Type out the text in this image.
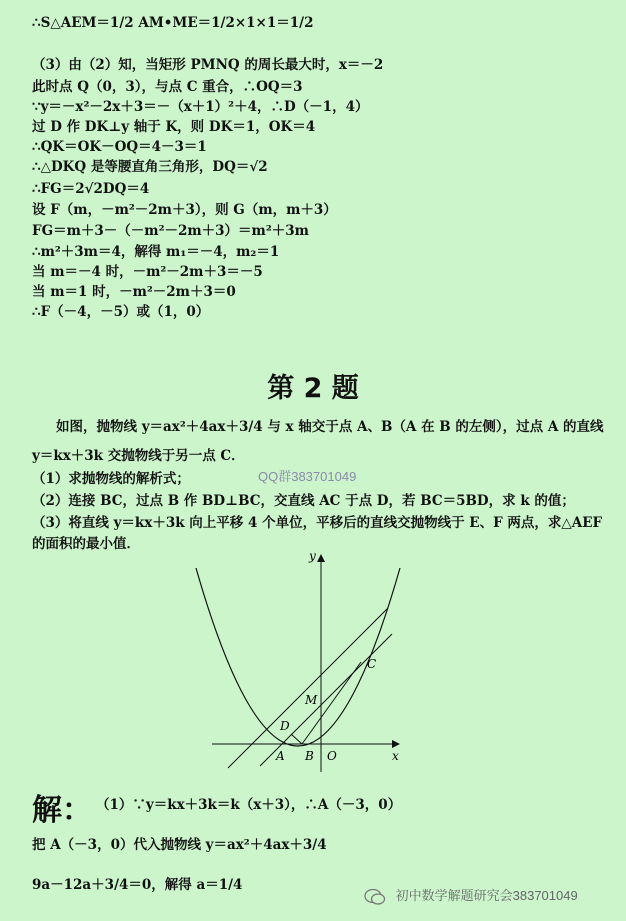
∴S△AEM＝1/2 AM•ME＝1/2×1×1＝1/2
（3）由（2）知，当矩形 PMNQ 的周长最大时，x＝－2
此时点 Q（0，3），与点 C 重合，∴OQ＝3
∵y＝－x²－2x＋3＝－（x＋1）²＋4，∴D（－1，4）
过 D 作 DK⊥y 轴于 K，则 DK＝1，OK＝4
∴QK＝OK－OQ＝4－3＝1
∴△DKQ 是等腰直角三角形，DQ＝√2
∴FG＝2√2DQ＝4
设 F（m，－m²－2m＋3），则 G（m，m＋3）
FG＝m＋3－（－m²－2m＋3）＝m²＋3m
∴m²＋3m＝4，解得 m₁＝－4，m₂＝1
当 m＝－4 时，－m²－2m＋3＝－5
当 m＝1 时，－m²－2m＋3＝0
∴F（－4，－5）或（1，0）
第 2 题
如图，抛物线 y＝ax²＋4ax＋3/4 与 x 轴交于点 A、B（A 在 B 的左侧），过点 A 的直线
y＝kx＋3k 交抛物线于另一点 C．
QQ群383701049
（1）求抛物线的解析式；
（2）连接 BC，过点 B 作 BD⊥BC，交直线 AC 于点 D，若 BC＝5BD，求 k 的值；
（3）将直线 y＝kx＋3k 向上平移 4 个单位，平移后的直线交抛物线于 E、F 两点，求△AEF
的面积的最小值．
y
x
O
A B
C
D
M
解： （1）∵y＝kx＋3k＝k（x＋3），∴A（－3，0）
把 A（－3，0）代入抛物线 y＝ax²＋4ax＋3/4
9a－12a＋3/4＝0，解得 a＝1/4
初中数学解题研究会383701049
